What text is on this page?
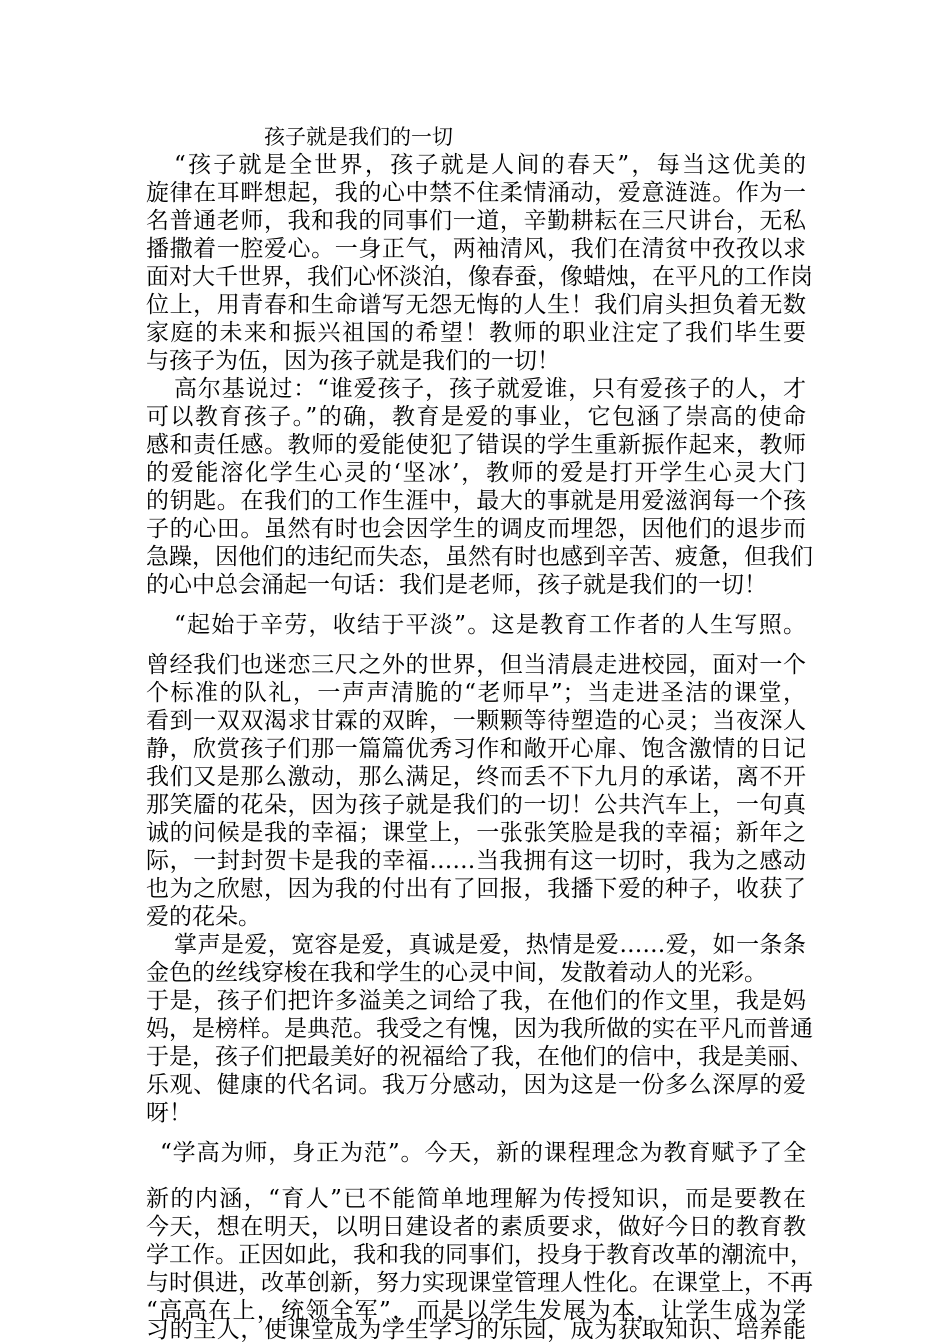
孩子就是我们的一切
“孩子就是全世界，孩子就是人间的春天”，每当这优美的
旋律在耳畔想起，我的心中禁不住柔情涌动，爱意涟涟。作为一
名普通老师，我和我的同事们一道，辛勤耕耘在三尺讲台，无私
播撒着一腔爱心。一身正气，两袖清风，我们在清贫中孜孜以求
面对大千世界，我们心怀淡泊，像春蚕，像蜡烛，在平凡的工作岗
位上，用青春和生命谱写无怨无悔的人生！我们肩头担负着无数
家庭的未来和振兴祖国的希望！教师的职业注定了我们毕生要
与孩子为伍，因为孩子就是我们的一切！
高尔基说过：“谁爱孩子，孩子就爱谁，只有爱孩子的人，才
可以教育孩子。”的确，教育是爱的事业，它包涵了崇高的使命
感和责任感。教师的爱能使犯了错误的学生重新振作起来，教师
的爱能溶化学生心灵的‘坚冰’，教师的爱是打开学生心灵大门
的钥匙。在我们的工作生涯中，最大的事就是用爱滋润每一个孩
子的心田。虽然有时也会因学生的调皮而埋怨，因他们的退步而
急躁，因他们的违纪而失态，虽然有时也感到辛苦、疲惫，但我们
的心中总会涌起一句话：我们是老师，孩子就是我们的一切！
“起始于辛劳，收结于平淡”。这是教育工作者的人生写照。
曾经我们也迷恋三尺之外的世界，但当清晨走进校园，面对一个
个标准的队礼，一声声清脆的“老师早”；当走进圣洁的课堂，
看到一双双渴求甘霖的双眸，一颗颗等待塑造的心灵；当夜深人
静，欣赏孩子们那一篇篇优秀习作和敞开心扉、饱含激情的日记
我们又是那么激动，那么满足，终而丢不下九月的承诺，离不开
那笑靥的花朵，因为孩子就是我们的一切！公共汽车上，一句真
诚的问候是我的幸福；课堂上，一张张笑脸是我的幸福；新年之
际，一封封贺卡是我的幸福……当我拥有这一切时，我为之感动
也为之欣慰，因为我的付出有了回报，我播下爱的种子，收获了
爱的花朵。
掌声是爱，宽容是爱，真诚是爱，热情是爱……爱，如一条条
金色的丝线穿梭在我和学生的心灵中间，发散着动人的光彩。
于是，孩子们把许多溢美之词给了我，在他们的作文里，我是妈
妈，是榜样。是典范。我受之有愧，因为我所做的实在平凡而普通
于是，孩子们把最美好的祝福给了我，在他们的信中，我是美丽、
乐观、健康的代名词。我万分感动，因为这是一份多么深厚的爱
呀！
“学高为师，身正为范”。今天，新的课程理念为教育赋予了全
新的内涵，“育人”已不能简单地理解为传授知识，而是要教在
今天，想在明天，以明日建设者的素质要求，做好今日的教育教
学工作。正因如此，我和我的同事们，投身于教育改革的潮流中，
与时俱进，改革创新，努力实现课堂管理人性化。在课堂上，不再
“高高在上，统领全军”，而是以学生发展为本，让学生成为学
习的主人，使课堂成为学生学习的乐园，成为获取知识、培养能
